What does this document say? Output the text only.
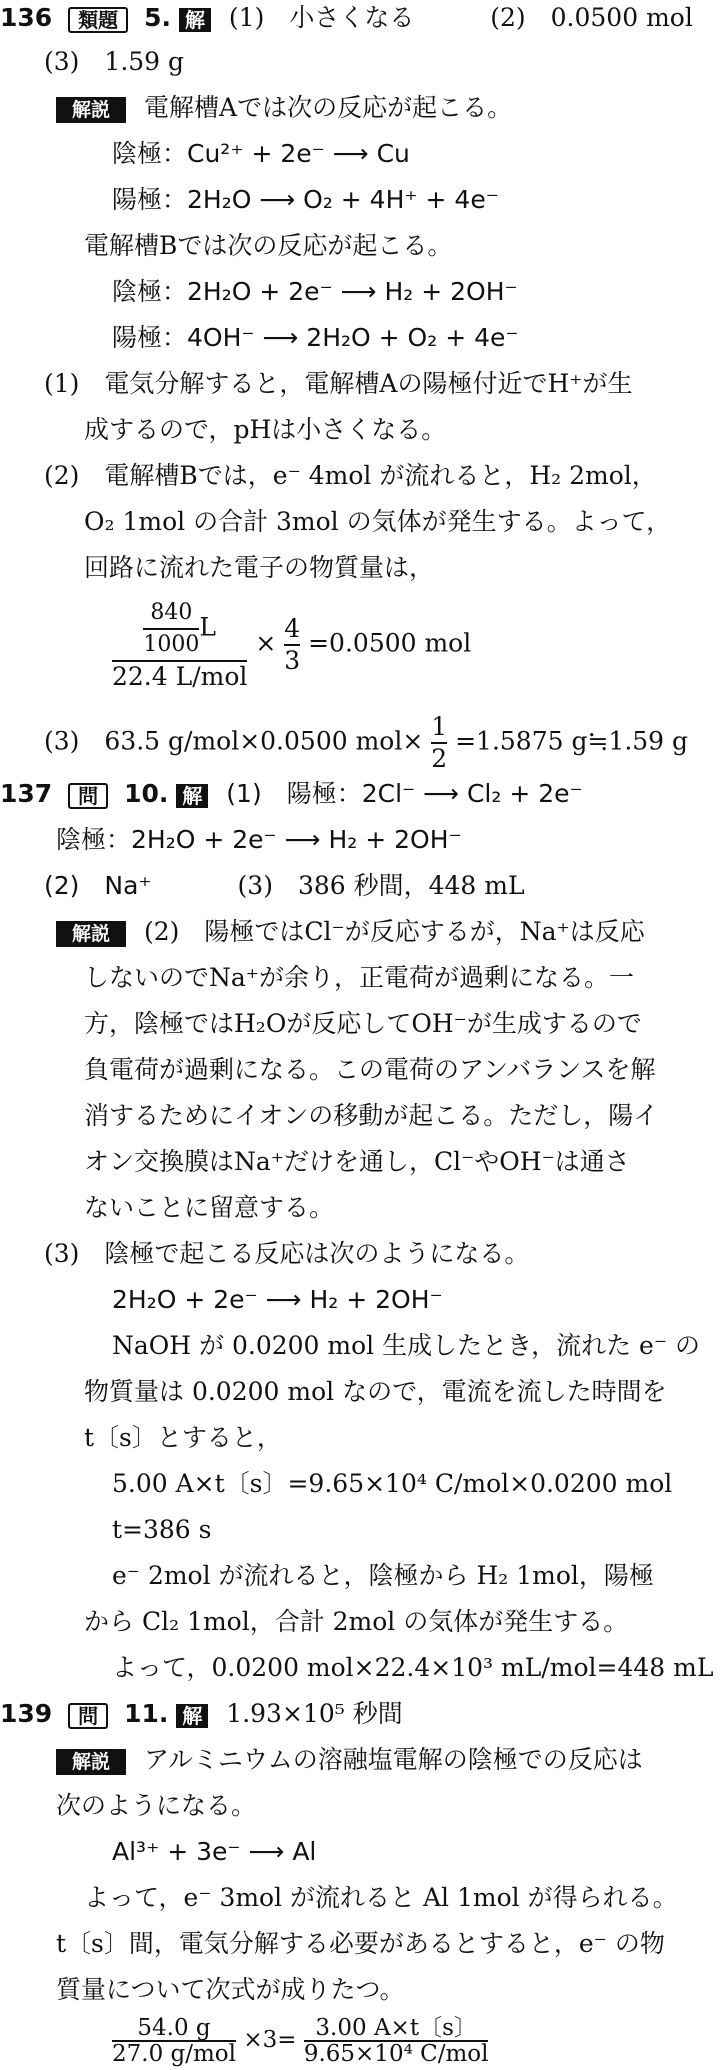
136 類題 5. 解 (1)　小さくなる	(2)　0.0500 mol
(3)　1.59 g
解説 電解槽Aでは次の反応が起こる。
陰極：Cu²⁺ + 2e⁻ ⟶ Cu
陽極：2H₂O ⟶ O₂ + 4H⁺ + 4e⁻
電解槽Bでは次の反応が起こる。
陰極：2H₂O + 2e⁻ ⟶ H₂ + 2OH⁻
陽極：4OH⁻ ⟶ 2H₂O + O₂ + 4e⁻
(1)　電気分解すると，電解槽Aの陽極付近でH⁺が生
成するので，pHは小さくなる。
(2)　電解槽Bでは，e⁻ 4mol が流れると，H₂ 2mol，
O₂ 1mol の合計 3mol の気体が発生する。よって，
回路に流れた電子の物質量は，
$\frac{\frac{840}{1000} L}{\text{22.4 L/mol}} \times \frac{4}{3} =0.0500$ mol
(3)　63.5 g/mol×0.0500 $mol\times \frac{1}{2} =1.5875$ g≒1.59 g
137 問 10. 解 (1)　陽極：2Cl⁻ ⟶ Cl₂ + 2e⁻
陰極：2H₂O + 2e⁻ ⟶ H₂ + 2OH⁻
(2)　Na⁺	(3)　386 秒間，448 mL
解説 (2)　陽極ではCl⁻が反応するが，Na⁺は反応
しないのでNa⁺が余り，正電荷が過剰になる。一
方，陰極ではH₂Oが反応してOH⁻が生成するので
負電荷が過剰になる。この電荷のアンバランスを解
消するためにイオンの移動が起こる。ただし，陽イ
オン交換膜はNa⁺だけを通し，Cl⁻やOH⁻は通さ
ないことに留意する。
(3)　陰極で起こる反応は次のようになる。
2H₂O + 2e⁻ ⟶ H₂ + 2OH⁻
NaOH が 0.0200 mol 生成したとき，流れた e⁻ の
物質量は 0.0200 mol なので，電流を流した時間を
t〔s〕とすると，
5.00 A×t〔s〕=9.65×10⁴ C/mol×0.0200 mol
t=386 s
e⁻ 2mol が流れると，陰極から H₂ 1mol，陽極
から Cl₂ 1mol，合計 2mol の気体が発生する。
よって，0.0200 mol×22.4×10³ mL/mol=448 mL
139 問 11. 解 1.93×10⁵ 秒間
解説 アルミニウムの溶融塩電解の陰極での反応は
次のようになる。
Al³⁺ + 3e⁻ ⟶ Al
よって，e⁻ 3mol が流れると Al 1mol が得られる。
t〔s〕間，電気分解する必要があるとすると，e⁻ の物
質量について次式が成りたつ。
$\frac{54.0 g}{\text{27.0 g/mol}} \times 3= \frac{3.00 A\times t〔s〕}{\text{9.65×10⁴ C/mol}}$
